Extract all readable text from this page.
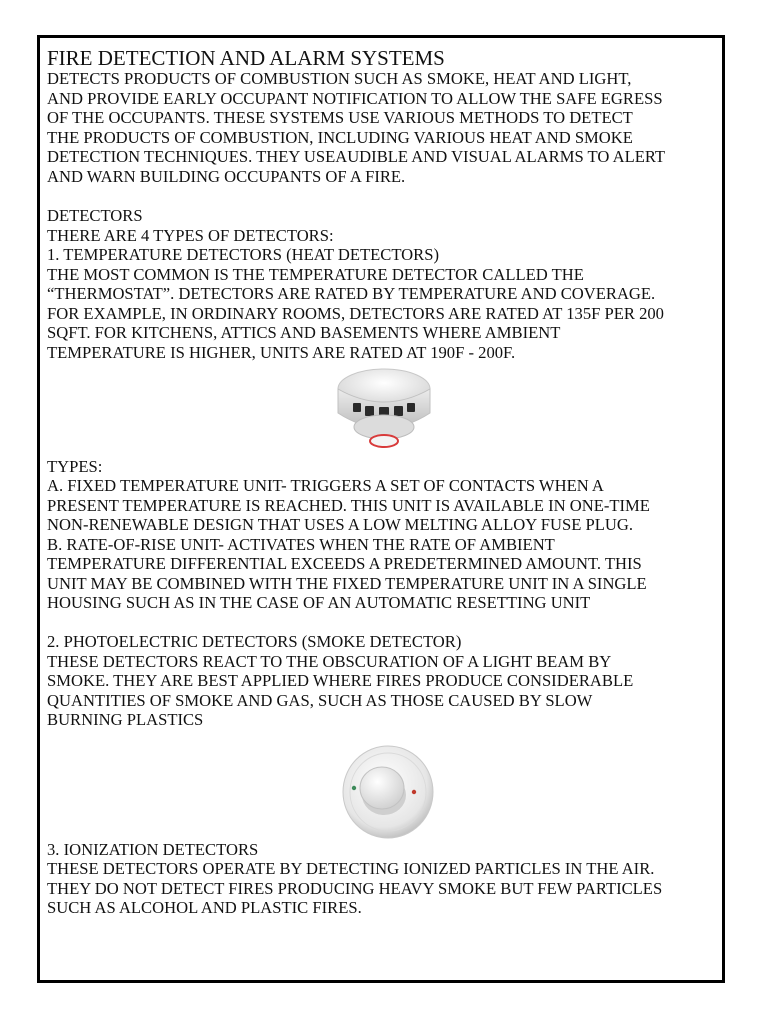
FIRE DETECTION AND ALARM SYSTEMS

DETECTS PRODUCTS OF COMBUSTION SUCH AS SMOKE, HEAT AND LIGHT,

AND PROVIDE EARLY OCCUPANT NOTIFICATION TO ALLOW THE SAFE EGRESS

OF THE OCCUPANTS. THESE SYSTEMS USE VARIOUS METHODS TO DETECT

THE PRODUCTS OF COMBUSTION, INCLUDING VARIOUS HEAT AND SMOKE

DETECTION TECHNIQUES. THEY USEAUDIBLE AND VISUAL ALARMS TO ALERT

AND WARN BUILDING OCCUPANTS OF A FIRE.

DETECTORS

THERE ARE 4 TYPES OF DETECTORS:

1. TEMPERATURE DETECTORS (HEAT DETECTORS)

THE MOST COMMON IS THE TEMPERATURE DETECTOR CALLED THE

“THERMOSTAT”. DETECTORS ARE RATED BY TEMPERATURE AND COVERAGE.

FOR EXAMPLE, IN ORDINARY ROOMS, DETECTORS ARE RATED AT 135F PER 200

SQFT. FOR KITCHENS, ATTICS AND BASEMENTS WHERE AMBIENT

TEMPERATURE IS HIGHER, UNITS ARE RATED AT 190F - 200F.

TYPES:

A. FIXED TEMPERATURE UNIT- TRIGGERS A SET OF CONTACTS WHEN A

PRESENT TEMPERATURE IS REACHED. THIS UNIT IS AVAILABLE IN ONE-TIME

NON-RENEWABLE DESIGN THAT USES A LOW MELTING ALLOY FUSE PLUG.

B. RATE-OF-RISE UNIT- ACTIVATES WHEN THE RATE OF AMBIENT

TEMPERATURE DIFFERENTIAL EXCEEDS A PREDETERMINED AMOUNT. THIS

UNIT MAY BE COMBINED WITH THE FIXED TEMPERATURE UNIT IN A SINGLE

HOUSING SUCH AS IN THE CASE OF AN AUTOMATIC RESETTING UNIT

2. PHOTOELECTRIC DETECTORS (SMOKE DETECTOR)

THESE DETECTORS REACT TO THE OBSCURATION OF A LIGHT BEAM BY

SMOKE. THEY ARE BEST APPLIED WHERE FIRES PRODUCE CONSIDERABLE

QUANTITIES OF SMOKE AND GAS, SUCH AS THOSE CAUSED BY SLOW

BURNING PLASTICS

3. IONIZATION DETECTORS

THESE DETECTORS OPERATE BY DETECTING IONIZED PARTICLES IN THE AIR.

THEY DO NOT DETECT FIRES PRODUCING HEAVY SMOKE BUT FEW PARTICLES

SUCH AS ALCOHOL AND PLASTIC FIRES.
